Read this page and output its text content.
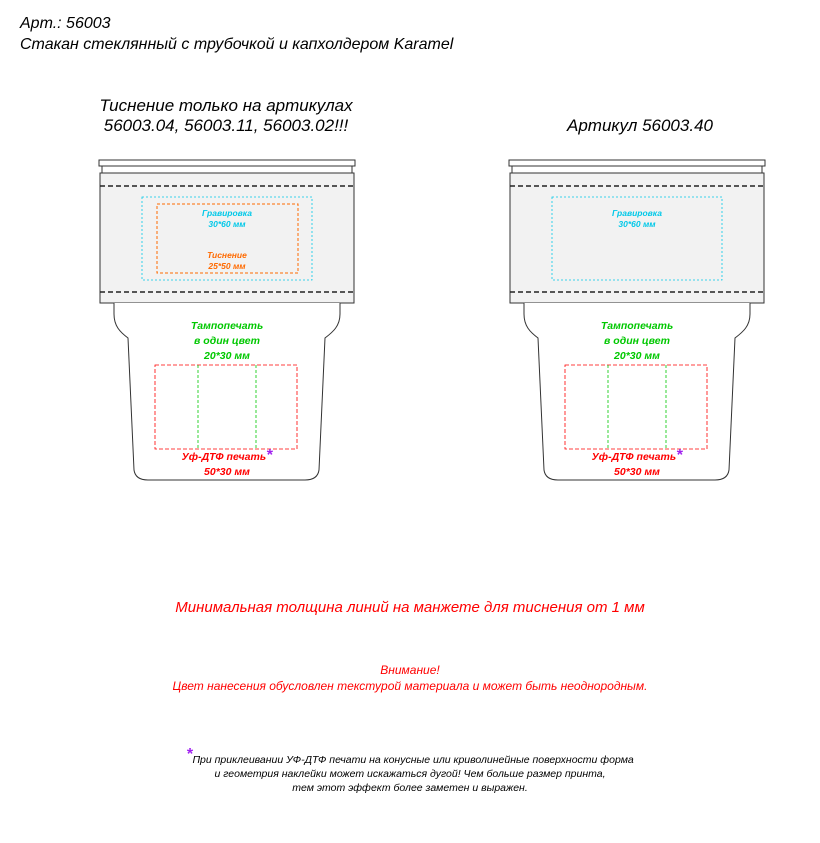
Арт.: 56003
Стакан стеклянный с трубочкой и капхолдером Karamel
Тиснение только на артикулах
56003.04, 56003.11, 56003.02!!!	Артикул 56003.40
Гравировка
30*60 мм
Тиснение
25*50 мм
Тампопечать
в один цвет
20*30 мм
Уф-ДТФ печать*
50*30 мм
Гравировка
30*60 мм
Тампопечать
в один цвет
20*30 мм
Уф-ДТФ печать*
50*30 мм
Минимальная толщина линий на манжете для тиснения от 1 мм
Внимание!
Цвет нанесения обусловлен текстурой материала и может быть неоднородным.
*При приклеивании УФ-ДТФ печати на конусные или криволинейные поверхности форма
и геометрия наклейки может искажаться дугой! Чем больше размер принта,
тем этот эффект более заметен и выражен.
